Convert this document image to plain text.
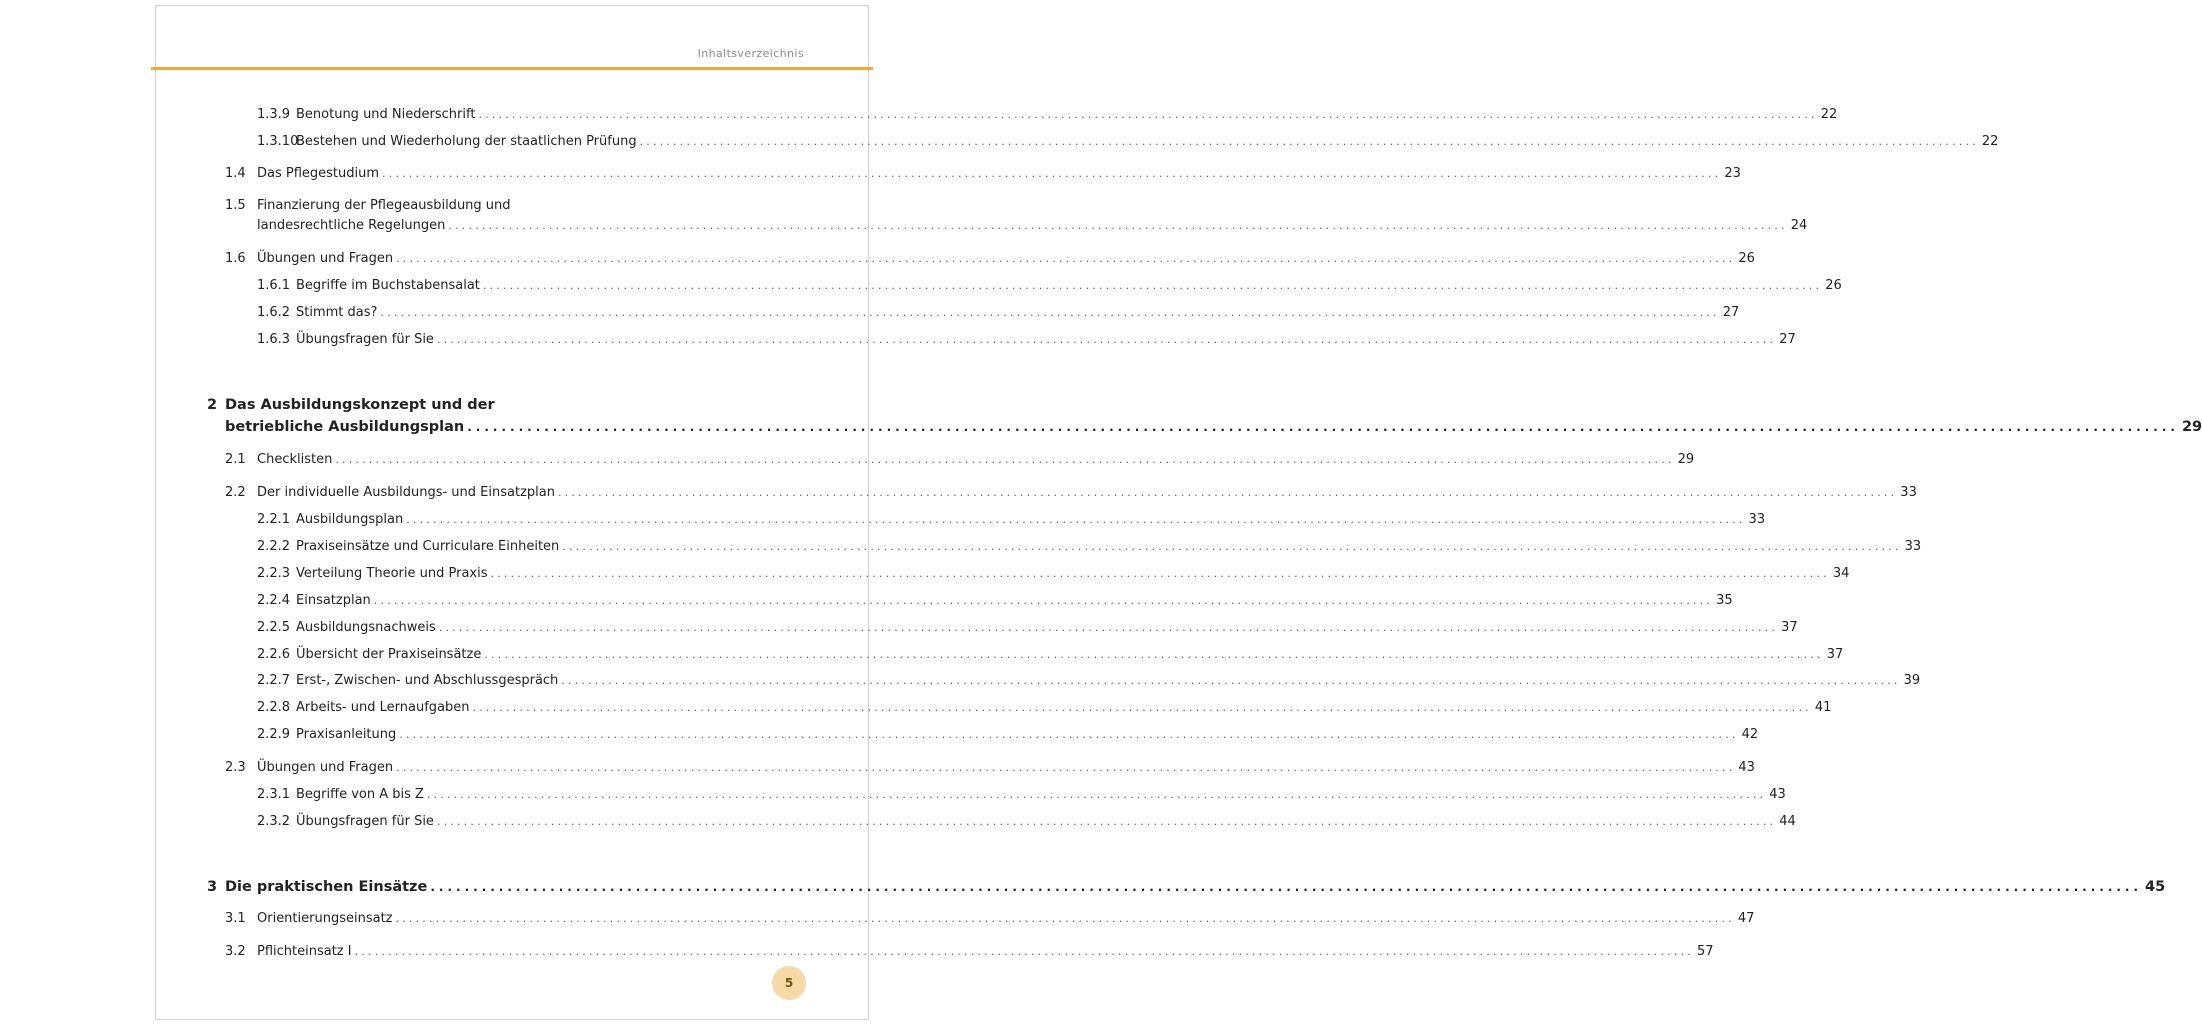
Inhaltsverzeichnis
1.3.9 Benotung und Niederschrift ........................................................................................................................................................................................................ 22
1.3.10
Bestehen und Wiederholung der staatlichen Prüfung ........................................................................................................................................................................................................ 22
1.4 Das Pflegestudium ........................................................................................................................................................................................................ 23
1.5 Finanzierung der Pflegeausbildung und
landesrechtliche Regelungen ........................................................................................................................................................................................................ 24
1.6 Übungen und Fragen ........................................................................................................................................................................................................ 26
1.6.1 Begriffe im Buchstabensalat ........................................................................................................................................................................................................ 26
1.6.2 Stimmt das? ........................................................................................................................................................................................................ 27
1.6.3 Übungsfragen für Sie ........................................................................................................................................................................................................ 27
2 Das Ausbildungskonzept und der
betriebliche Ausbildungsplan ........................................................................................................................................................................................................ 29
2.1 Checklisten ........................................................................................................................................................................................................ 29
2.2 Der individuelle Ausbildungs- und Einsatzplan ........................................................................................................................................................................................................ 33
2.2.1 Ausbildungsplan ........................................................................................................................................................................................................ 33
2.2.2 Praxiseinsätze und Curriculare Einheiten ........................................................................................................................................................................................................ 33
2.2.3 Verteilung Theorie und Praxis ........................................................................................................................................................................................................ 34
2.2.4 Einsatzplan ........................................................................................................................................................................................................ 35
2.2.5 Ausbildungsnachweis ........................................................................................................................................................................................................ 37
2.2.6 Übersicht der Praxiseinsätze ........................................................................................................................................................................................................ 37
2.2.7 Erst-, Zwischen- und Abschlussgespräch ........................................................................................................................................................................................................ 39
2.2.8 Arbeits- und Lernaufgaben ........................................................................................................................................................................................................ 41
2.2.9 Praxisanleitung ........................................................................................................................................................................................................ 42
2.3 Übungen und Fragen ........................................................................................................................................................................................................ 43
2.3.1 Begriffe von A bis Z ........................................................................................................................................................................................................ 43
2.3.2 Übungsfragen für Sie ........................................................................................................................................................................................................ 44
3 Die praktischen Einsätze ........................................................................................................................................................................................................ 45
3.1 Orientierungseinsatz ........................................................................................................................................................................................................ 47
3.2 Pflichteinsatz I ........................................................................................................................................................................................................ 57
5
